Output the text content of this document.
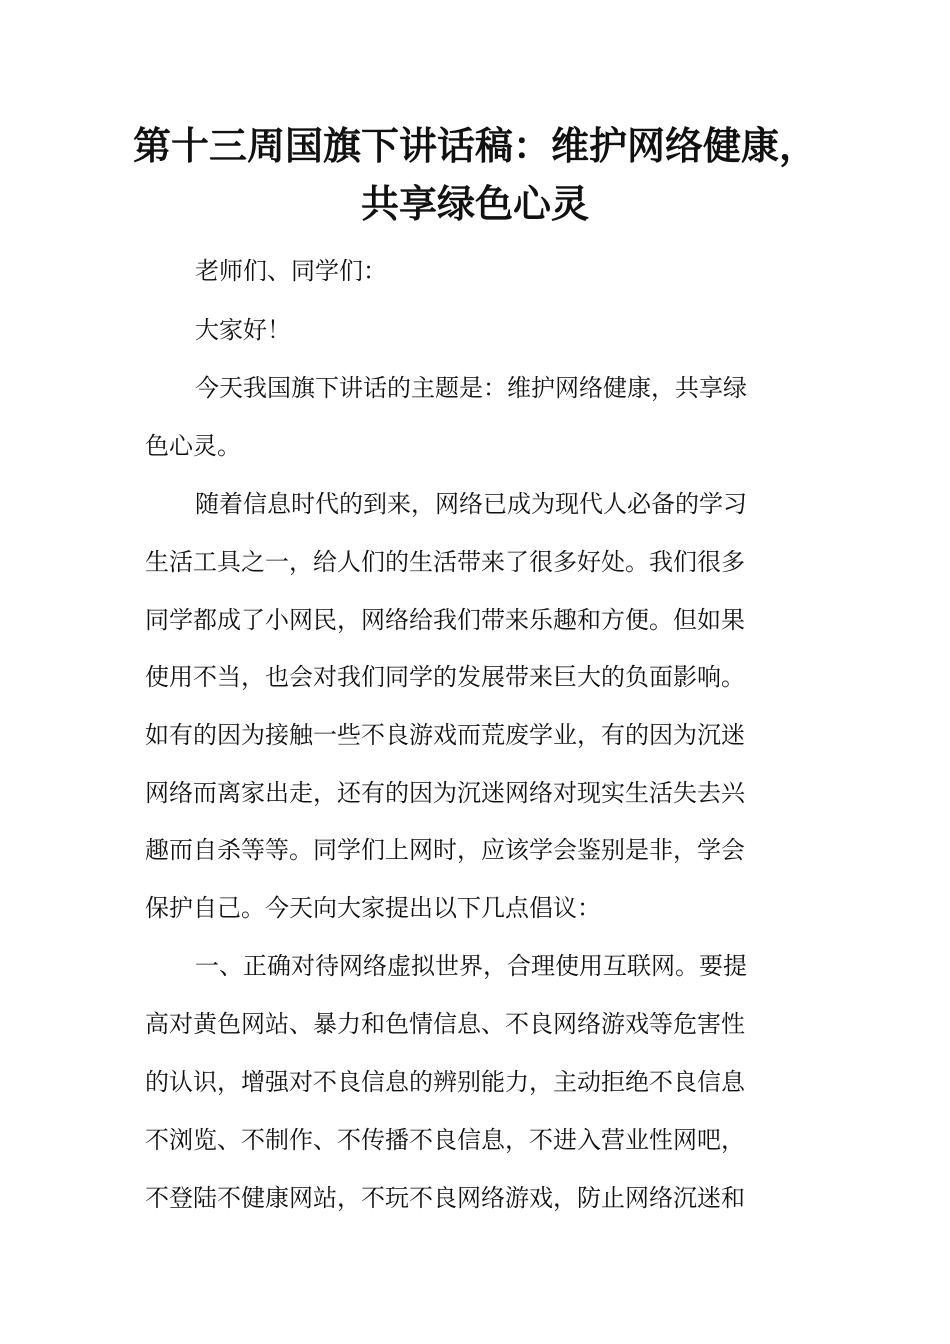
第十三周国旗下讲话稿：维护网络健康，
共享绿色心灵

老师们、同学们：

大家好！

今天我国旗下讲话的主题是：维护网络健康，共享绿

色心灵。

随着信息时代的到来，网络已成为现代人必备的学习

生活工具之一，给人们的生活带来了很多好处。我们很多

同学都成了小网民，网络给我们带来乐趣和方便。但如果

使用不当，也会对我们同学的发展带来巨大的负面影响。

如有的因为接触一些不良游戏而荒废学业，有的因为沉迷

网络而离家出走，还有的因为沉迷网络对现实生活失去兴

趣而自杀等等。同学们上网时，应该学会鉴别是非，学会

保护自己。今天向大家提出以下几点倡议：

一、正确对待网络虚拟世界，合理使用互联网。要提

高对黄色网站、暴力和色情信息、不良网络游戏等危害性

的认识，增强对不良信息的辨别能力，主动拒绝不良信息

不浏览、不制作、不传播不良信息，不进入营业性网吧，

不登陆不健康网站，不玩不良网络游戏，防止网络沉迷和
